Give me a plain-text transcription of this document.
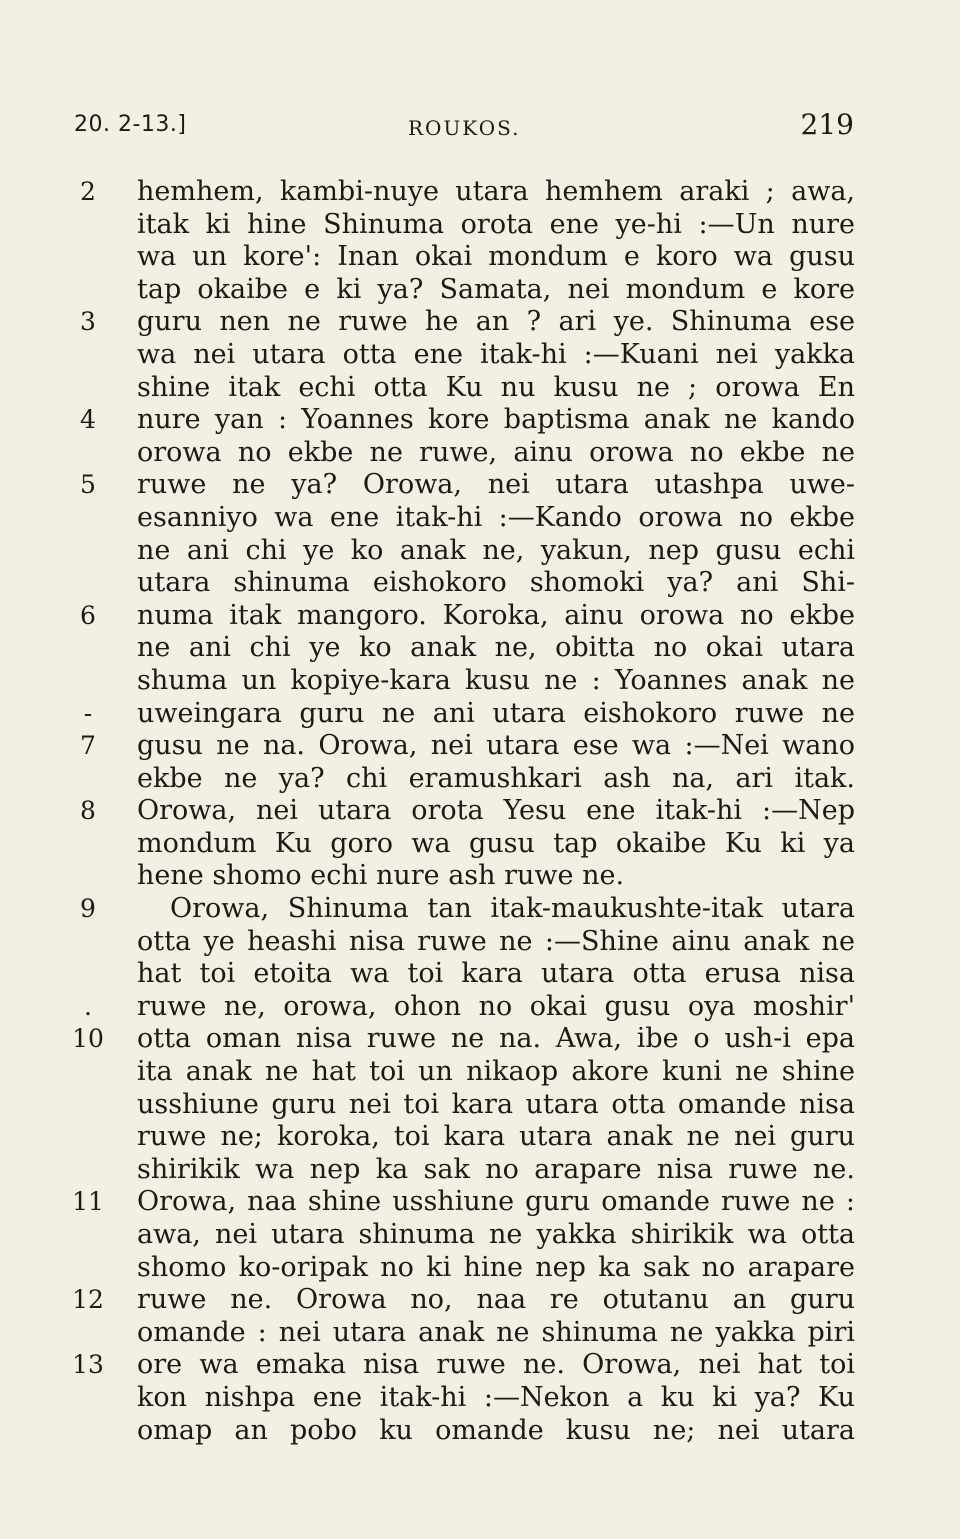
20. 2-13.]	ROUKOS.	219
2	hemhem, kambi-nuye utara hemhem araki ; awa,
itak ki hine Shinuma orota ene ye-hi :—Un nure
wa un kore': Inan okai mondum e koro wa gusu
tap okaibe e ki ya? Samata, nei mondum e kore
3	guru nen ne ruwe he an ? ari ye. Shinuma ese
wa nei utara otta ene itak-hi :—Kuani nei yakka
shine itak echi otta Ku nu kusu ne ; orowa En
4	nure yan : Yoannes kore baptisma anak ne kando
orowa no ekbe ne ruwe, ainu orowa no ekbe ne
5	ruwe ne ya? Orowa, nei utara utashpa uwe-
esanniyo wa ene itak-hi :—Kando orowa no ekbe
ne ani chi ye ko anak ne, yakun, nep gusu echi
utara shinuma eishokoro shomoki ya? ani Shi-
6	numa itak mangoro. Koroka, ainu orowa no ekbe
ne ani chi ye ko anak ne, obitta no okai utara
shuma un kopiye-kara kusu ne : Yoannes anak ne
-	uweingara guru ne ani utara eishokoro ruwe ne
7	gusu ne na. Orowa, nei utara ese wa :—Nei wano
ekbe ne ya? chi eramushkari ash na, ari itak.
8	Orowa, nei utara orota Yesu ene itak-hi :—Nep
mondum Ku goro wa gusu tap okaibe Ku ki ya
hene shomo echi nure ash ruwe ne.
9	Orowa, Shinuma tan itak-maukushte-itak utara
otta ye heashi nisa ruwe ne :—Shine ainu anak ne
hat toi etoita wa toi kara utara otta erusa nisa
.	ruwe ne, orowa, ohon no okai gusu oya moshir'
10 otta oman nisa ruwe ne na. Awa, ibe o ush-i epa
ita anak ne hat toi un nikaop akore kuni ne shine
usshiune guru nei toi kara utara otta omande nisa
ruwe ne; koroka, toi kara utara anak ne nei guru
shirikik wa nep ka sak no arapare nisa ruwe ne.
11 Orowa, naa shine usshiune guru omande ruwe ne :
awa, nei utara shinuma ne yakka shirikik wa otta
shomo ko-oripak no ki hine nep ka sak no arapare
12 ruwe ne. Orowa no, naa re otutanu an guru
omande : nei utara anak ne shinuma ne yakka piri
13 ore wa emaka nisa ruwe ne. Orowa, nei hat toi
kon nishpa ene itak-hi :—Nekon a ku ki ya? Ku
omap an pobo ku omande kusu ne; nei utara
